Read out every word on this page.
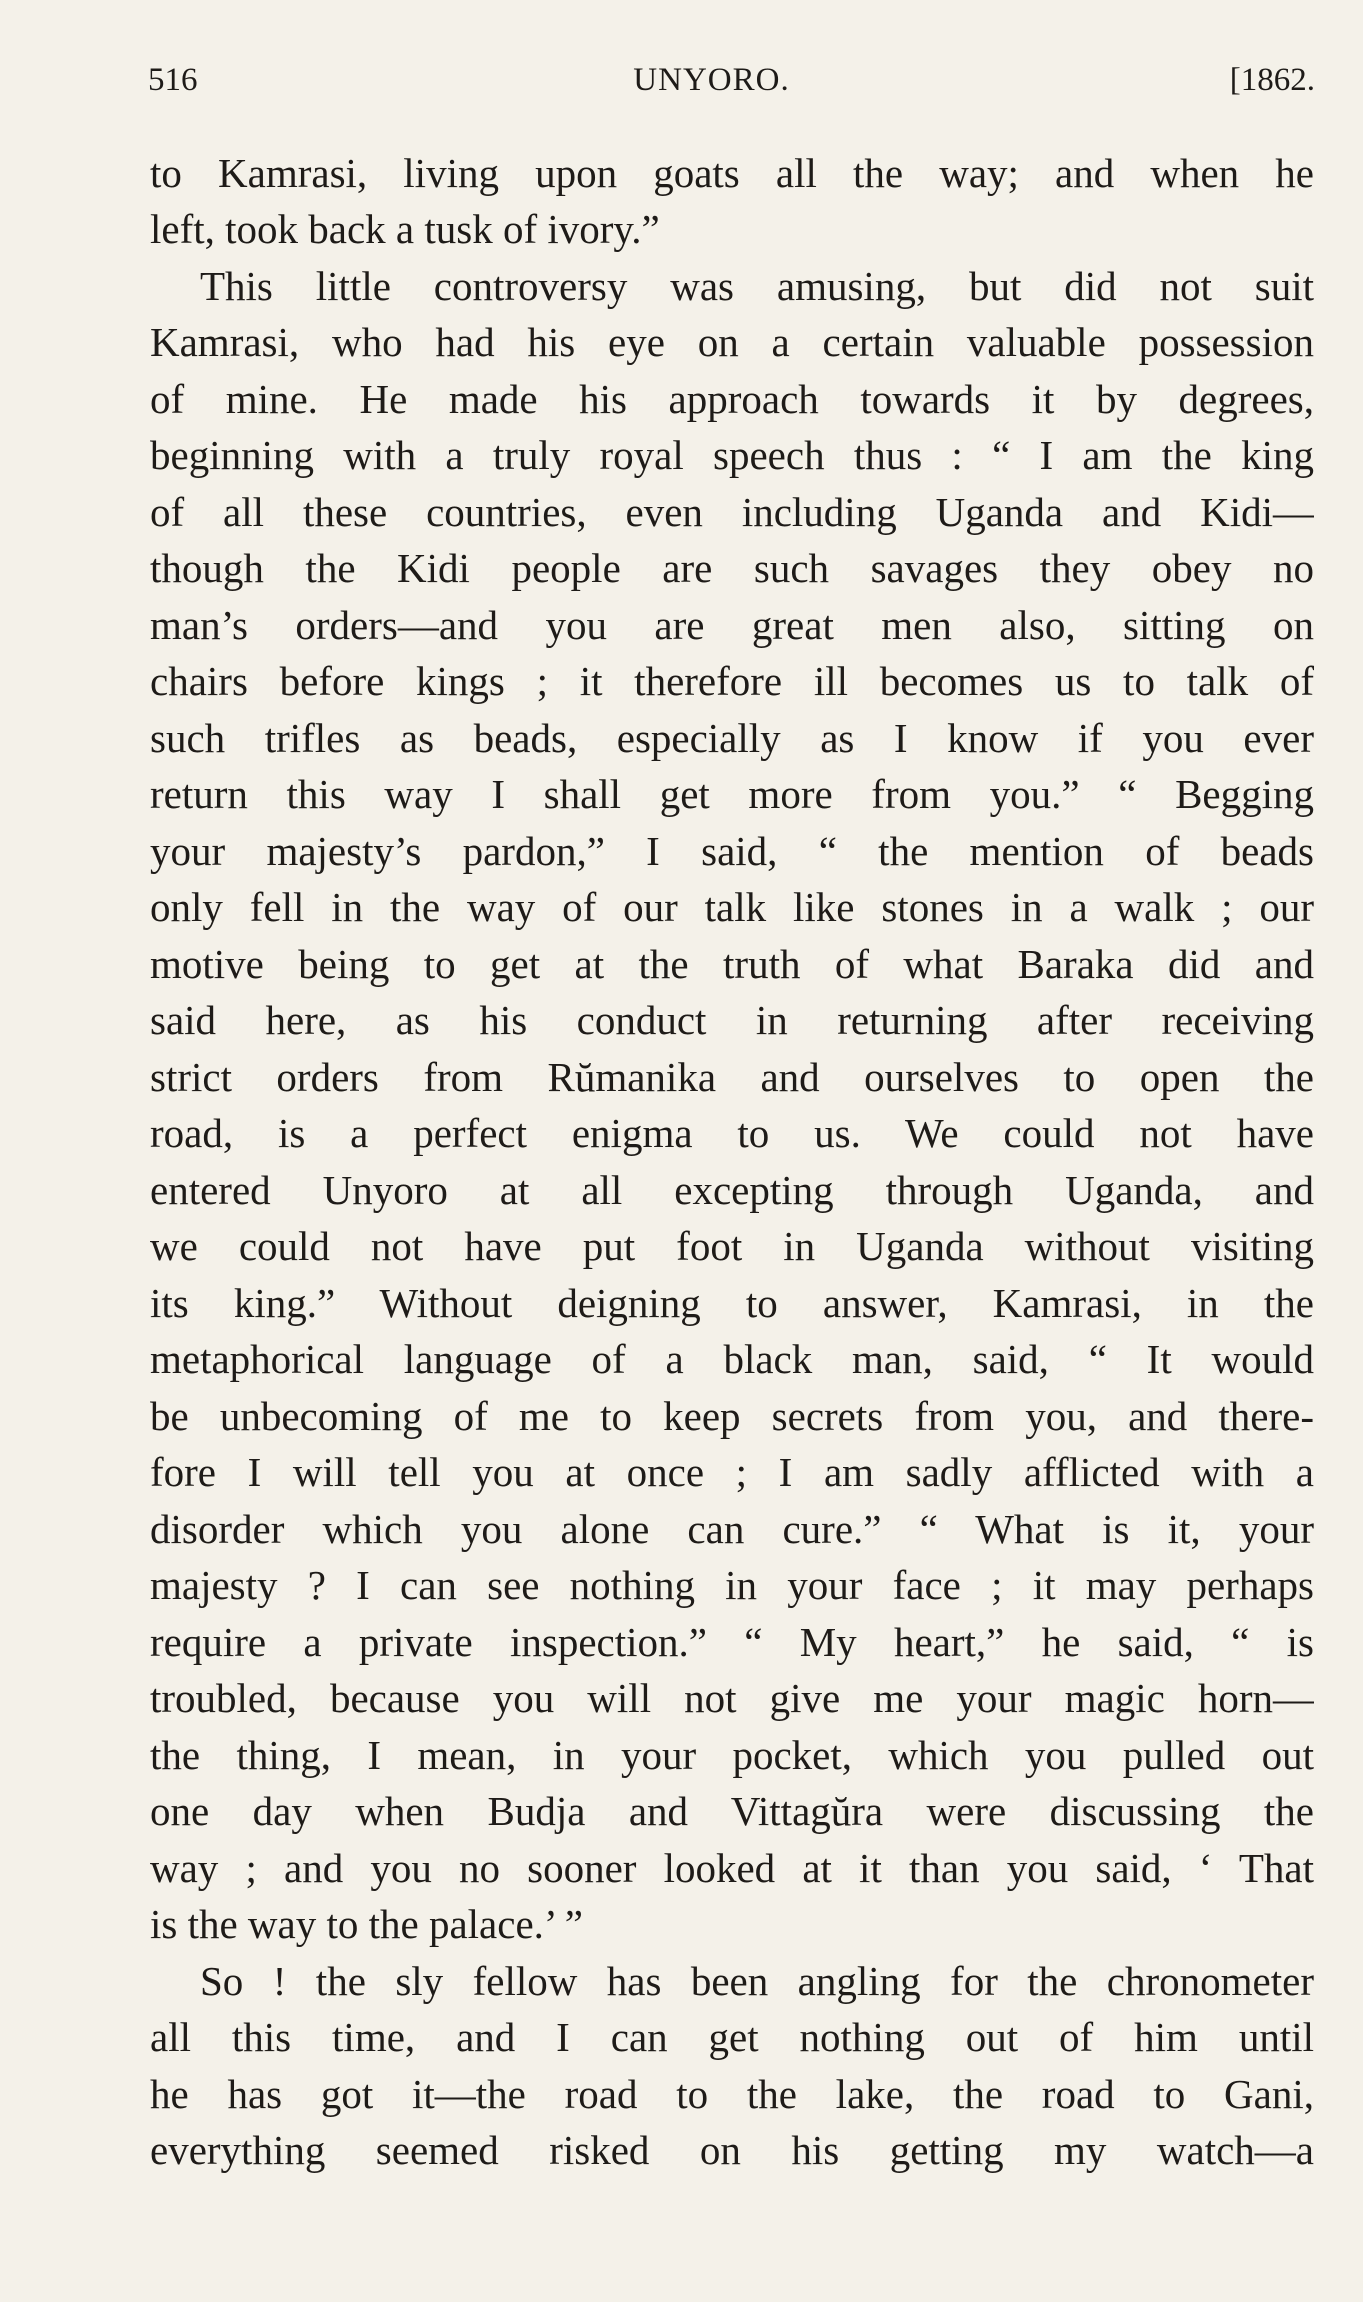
516	UNYORO.	[1862.
to Kamrasi, living upon goats all the way; and when he
left, took back a tusk of ivory.”
This little controversy was amusing, but did not suit
Kamrasi, who had his eye on a certain valuable possession
of mine. He made his approach towards it by degrees,
beginning with a truly royal speech thus : “ I am the king
of all these countries, even including Uganda and Kidi—
though the Kidi people are such savages they obey no
man’s orders—and you are great men also, sitting on
chairs before kings ; it therefore ill becomes us to talk of
such trifles as beads, especially as I know if you ever
return this way I shall get more from you.” “ Begging
your majesty’s pardon,” I said, “ the mention of beads
only fell in the way of our talk like stones in a walk ; our
motive being to get at the truth of what Baraka did and
said here, as his conduct in returning after receiving
strict orders from Rŭmanika and ourselves to open the
road, is a perfect enigma to us. We could not have
entered Unyoro at all excepting through Uganda, and
we could not have put foot in Uganda without visiting
its king.” Without deigning to answer, Kamrasi, in the
metaphorical language of a black man, said, “ It would
be unbecoming of me to keep secrets from you, and there-
fore I will tell you at once ; I am sadly afflicted with a
disorder which you alone can cure.” “ What is it, your
majesty ? I can see nothing in your face ; it may perhaps
require a private inspection.” “ My heart,” he said, “ is
troubled, because you will not give me your magic horn—
the thing, I mean, in your pocket, which you pulled out
one day when Budja and Vittagŭra were discussing the
way ; and you no sooner looked at it than you said, ‘ That
is the way to the palace.’ ”
So ! the sly fellow has been angling for the chronometer
all this time, and I can get nothing out of him until
he has got it—the road to the lake, the road to Gani,
everything seemed risked on his getting my watch—a
